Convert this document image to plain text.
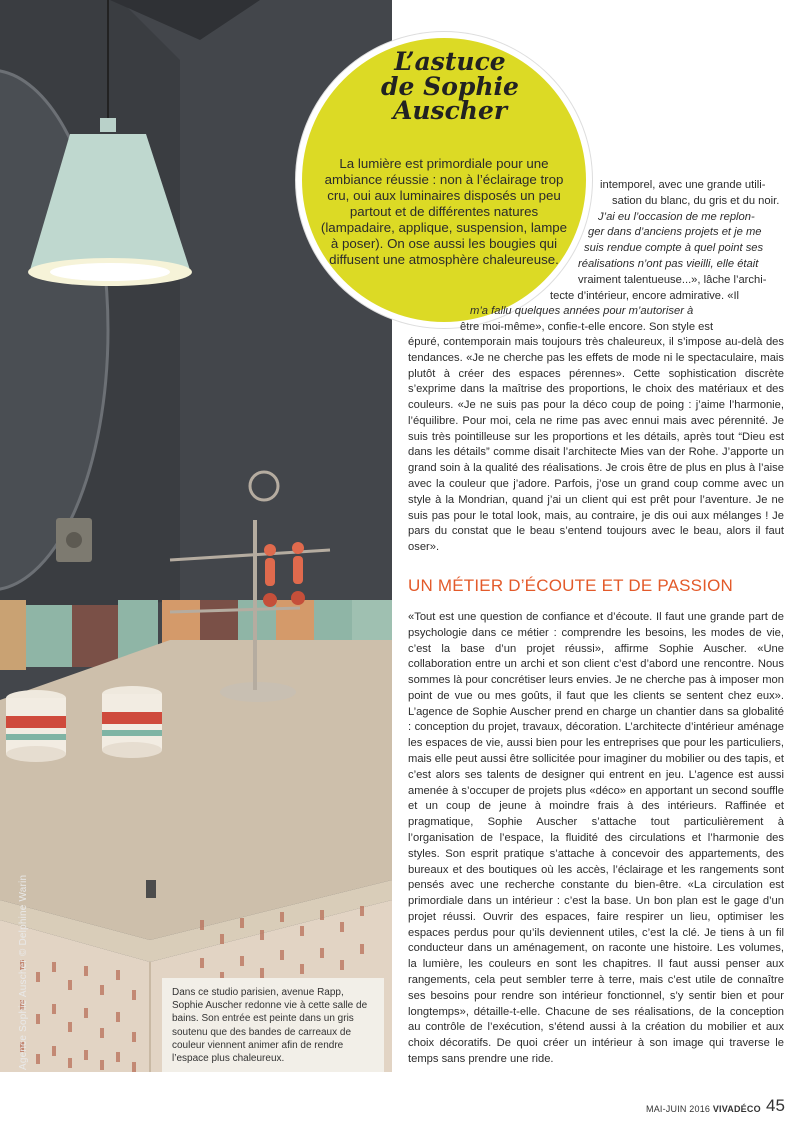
Agence Sophie Auscher © Delphine Warin	Dans ce studio parisien, avenue Rapp, Sophie Auscher redonne vie à cette salle de bains. Son entrée est peinte dans un gris soutenu que des bandes de carreaux de couleur viennent animer afin de rendre l’espace plus chaleureux.
L’astuce
de Sophie
Auscher
La lumière est primordiale pour une ambiance réussie : non à l’éclairage trop cru, oui aux luminaires disposés un peu partout et de différentes natures (lampadaire, applique, suspension, lampe à poser). On ose aussi les bougies qui diffusent une atmosphère chaleureuse.
intemporel, avec une grande utili-
sation du blanc, du gris et du noir.
J’ai eu l’occasion de me replon-
ger dans d’anciens projets et je me
suis rendue compte à quel point ses
réalisations n’ont pas vieilli, elle était
vraiment talentueuse...», lâche l’archi-
tecte d’intérieur, encore admirative. «Il
m’a fallu quelques années pour m’autoriser à
être moi-même», confie-t-elle encore. Son style est

épuré, contemporain mais toujours très chaleureux, il s’impose au-delà des tendances. «Je ne cherche pas les effets de mode ni le spectaculaire, mais plutôt à créer des espaces pérennes». Cette sophistication discrète s’exprime dans la maîtrise des proportions, le choix des matériaux et des couleurs. «Je ne suis pas pour la déco coup de poing : j’aime l’harmonie, l’équilibre. Pour moi, cela ne rime pas avec ennui mais avec pérennité. Je suis très pointilleuse sur les proportions et les détails, après tout “Dieu est dans les détails” comme disait l’architecte Mies van der Rohe. J’apporte un grand soin à la qualité des réalisations. Je crois être de plus en plus à l’aise avec la couleur que j’adore. Parfois, j’ose un grand coup comme avec un style à la Mondrian, quand j’ai un client qui est prêt pour l’aventure. Je ne suis pas pour le total look, mais, au contraire, je dis oui aux mélanges ! Je pars du constat que le beau s’entend toujours avec le beau, alors il faut oser».

UN MÉTIER D’ÉCOUTE ET DE PASSION

«Tout est une question de confiance et d’écoute. Il faut une grande part de psychologie dans ce métier : comprendre les besoins, les modes de vie, c’est la base d’un projet réussi», affirme Sophie Auscher. «Une collaboration entre un archi et son client c’est d’abord une rencontre. Nous sommes là pour concrétiser leurs envies. Je ne cherche pas à imposer mon point de vue ou mes goûts, il faut que les clients se sentent chez eux». L’agence de Sophie Auscher prend en charge un chantier dans sa globalité : conception du projet, travaux, décoration. L’architecte d’intérieur aménage les espaces de vie, aussi bien pour les entreprises que pour les particuliers, mais elle peut aussi être sollicitée pour imaginer du mobilier ou des tapis, et c’est alors ses talents de designer qui entrent en jeu. L’agence est aussi amenée à s’occuper de projets plus «déco» en apportant un second souffle et un coup de jeune à moindre frais à des intérieurs. Raffinée et pragmatique, Sophie Auscher s’attache tout particulièrement à l’organisation de l’espace, la fluidité des circulations et l’harmonie des styles. Son esprit pratique s’attache à concevoir des appartements, des bureaux et des boutiques où les accès, l’éclairage et les rangements sont pensés avec une recherche constante du bien-être. «La circulation est primordiale dans un intérieur : c’est la base. Un bon plan est le gage d’un projet réussi. Ouvrir des espaces, faire respirer un lieu, optimiser les espaces perdus pour qu’ils deviennent utiles, c’est la clé. Je tiens à un fil conducteur dans un aménagement, on raconte une histoire. Les volumes, la lumière, les couleurs en sont les chapitres. Il faut aussi penser aux rangements, cela peut sembler terre à terre, mais c’est utile de connaître ses besoins pour rendre son intérieur fonctionnel, s’y sentir bien et pour longtemps», détaille-t-elle. Chacune de ses réalisations, de la conception au contrôle de l’exécution, s’étend aussi à la création du mobilier et aux choix décoratifs. De quoi créer un intérieur à son image qui traverse le temps sans prendre une ride.

MAI-JUIN 2016 VIVADÉCO 45
